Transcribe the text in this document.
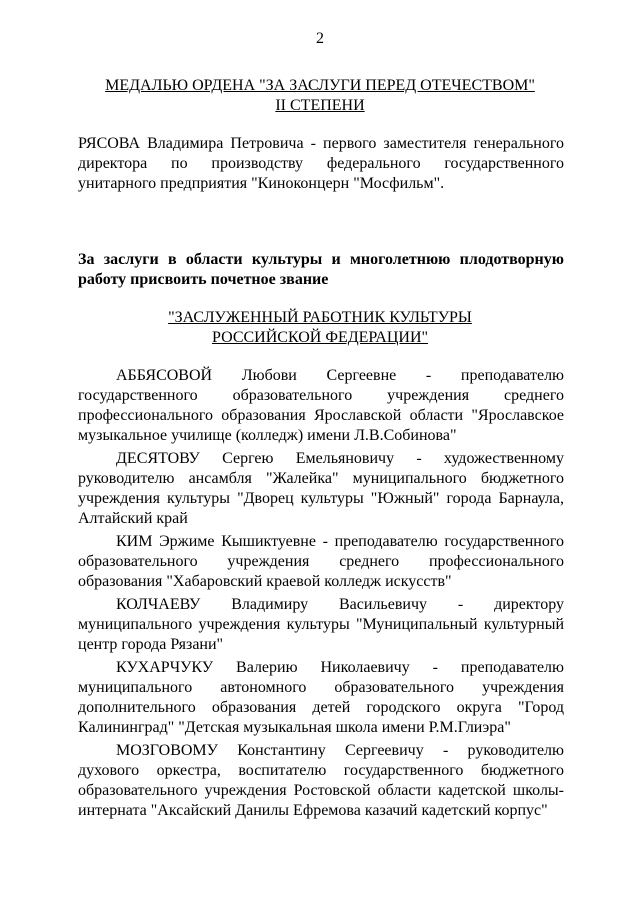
2
МЕДАЛЬЮ ОРДЕНА "ЗА ЗАСЛУГИ ПЕРЕД ОТЕЧЕСТВОМ"
II СТЕПЕНИ
РЯСОВА Владимира Петровича - первого заместителя генерального директора по производству федерального государственного унитарного предприятия "Киноконцерн "Мосфильм".
За заслуги в области культуры и многолетнюю плодотворную работу присвоить почетное звание
"ЗАСЛУЖЕННЫЙ РАБОТНИК КУЛЬТУРЫ
РОССИЙСКОЙ ФЕДЕРАЦИИ"

АББЯСОВОЙ Любови Сергеевне - преподавателю государственного образовательного учреждения среднего профессионального образования Ярославской области "Ярославское музыкальное училище (колледж) имени Л.В.Собинова"

ДЕСЯТОВУ Сергею Емельяновичу - художественному руководителю ансамбля "Жалейка" муниципального бюджетного учреждения культуры "Дворец культуры "Южный" города Барнаула, Алтайский край

КИМ Эржиме Кышиктуевне - преподавателю государственного образовательного учреждения среднего профессионального образования "Хабаровский краевой колледж искусств"

КОЛЧАЕВУ Владимиру Васильевичу - директору муниципального учреждения культуры "Муниципальный культурный центр города Рязани"

КУХАРЧУКУ Валерию Николаевичу - преподавателю муниципального автономного образовательного учреждения дополнительного образования детей городского округа "Город Калининград" "Детская музыкальная школа имени Р.М.Глиэра"

МОЗГОВОМУ Константину Сергеевичу - руководителю духового оркестра, воспитателю государственного бюджетного образовательного учреждения Ростовской области кадетской школы-интерната "Аксайский Данилы Ефремова казачий кадетский корпус"
